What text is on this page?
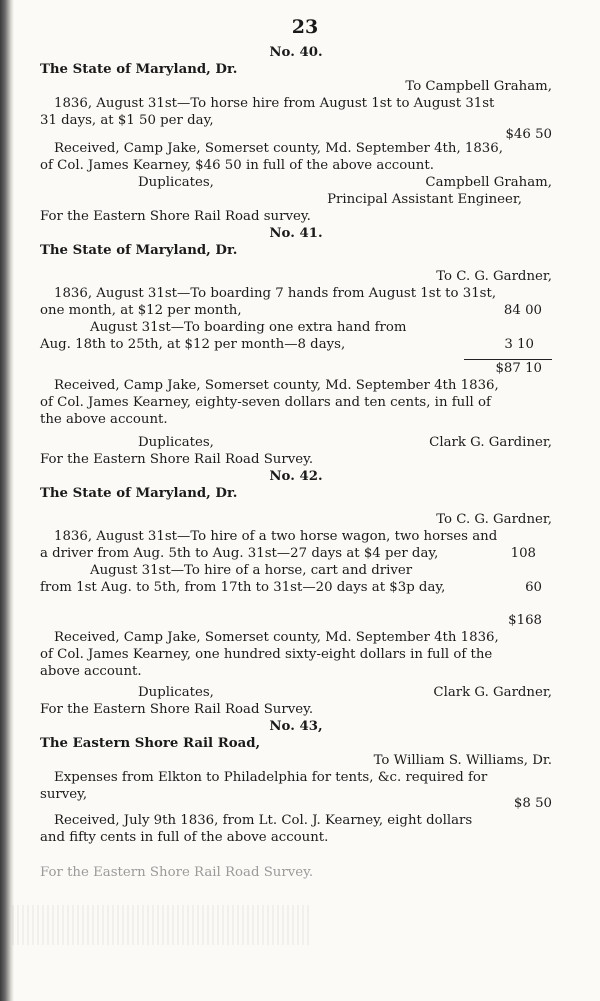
23
No. 40.
The State of Maryland, Dr.
To Campbell Graham,
1836, August 31st—To horse hire from August 1st to August 31st
31 days, at $1 50 per day,
$46 50
Received, Camp Jake, Somerset county, Md. September 4th, 1836,
of Col. James Kearney, $46 50 in full of the above account.
Duplicates,	Campbell Graham,
Principal Assistant Engineer,
For the Eastern Shore Rail Road survey.
No. 41.
The State of Maryland, Dr.
To C. G. Gardner,
1836, August 31st—To boarding 7 hands from August 1st to 31st,
one month, at $12 per month,	84 00
August 31st—To boarding one extra hand from
Aug. 18th to 25th, at $12 per month—8 days,	3 10
$87 10
Received, Camp Jake, Somerset county, Md. September 4th 1836,
of Col. James Kearney, eighty-seven dollars and ten cents, in full of
the above account.
Duplicates,	Clark G. Gardiner,
For the Eastern Shore Rail Road Survey.
No. 42.
The State of Maryland, Dr.
To C. G. Gardner,
1836, August 31st—To hire of a two horse wagon, two horses and
a driver from Aug. 5th to Aug. 31st—27 days at $4 per day,	108
August 31st—To hire of a horse, cart and driver
from 1st Aug. to 5th, from 17th to 31st—20 days at $3p day,	60
$168
Received, Camp Jake, Somerset county, Md. September 4th 1836,
of Col. James Kearney, one hundred sixty-eight dollars in full of the
above account.
Duplicates,	Clark G. Gardner,
For the Eastern Shore Rail Road Survey.
No. 43,
The Eastern Shore Rail Road,
To William S. Williams, Dr.
Expenses from Elkton to Philadelphia for tents, &c. required for
survey,
$8 50
Received, July 9th 1836, from Lt. Col. J. Kearney, eight dollars
and fifty cents in full of the above account.
For the Eastern Shore Rail Road Survey.
